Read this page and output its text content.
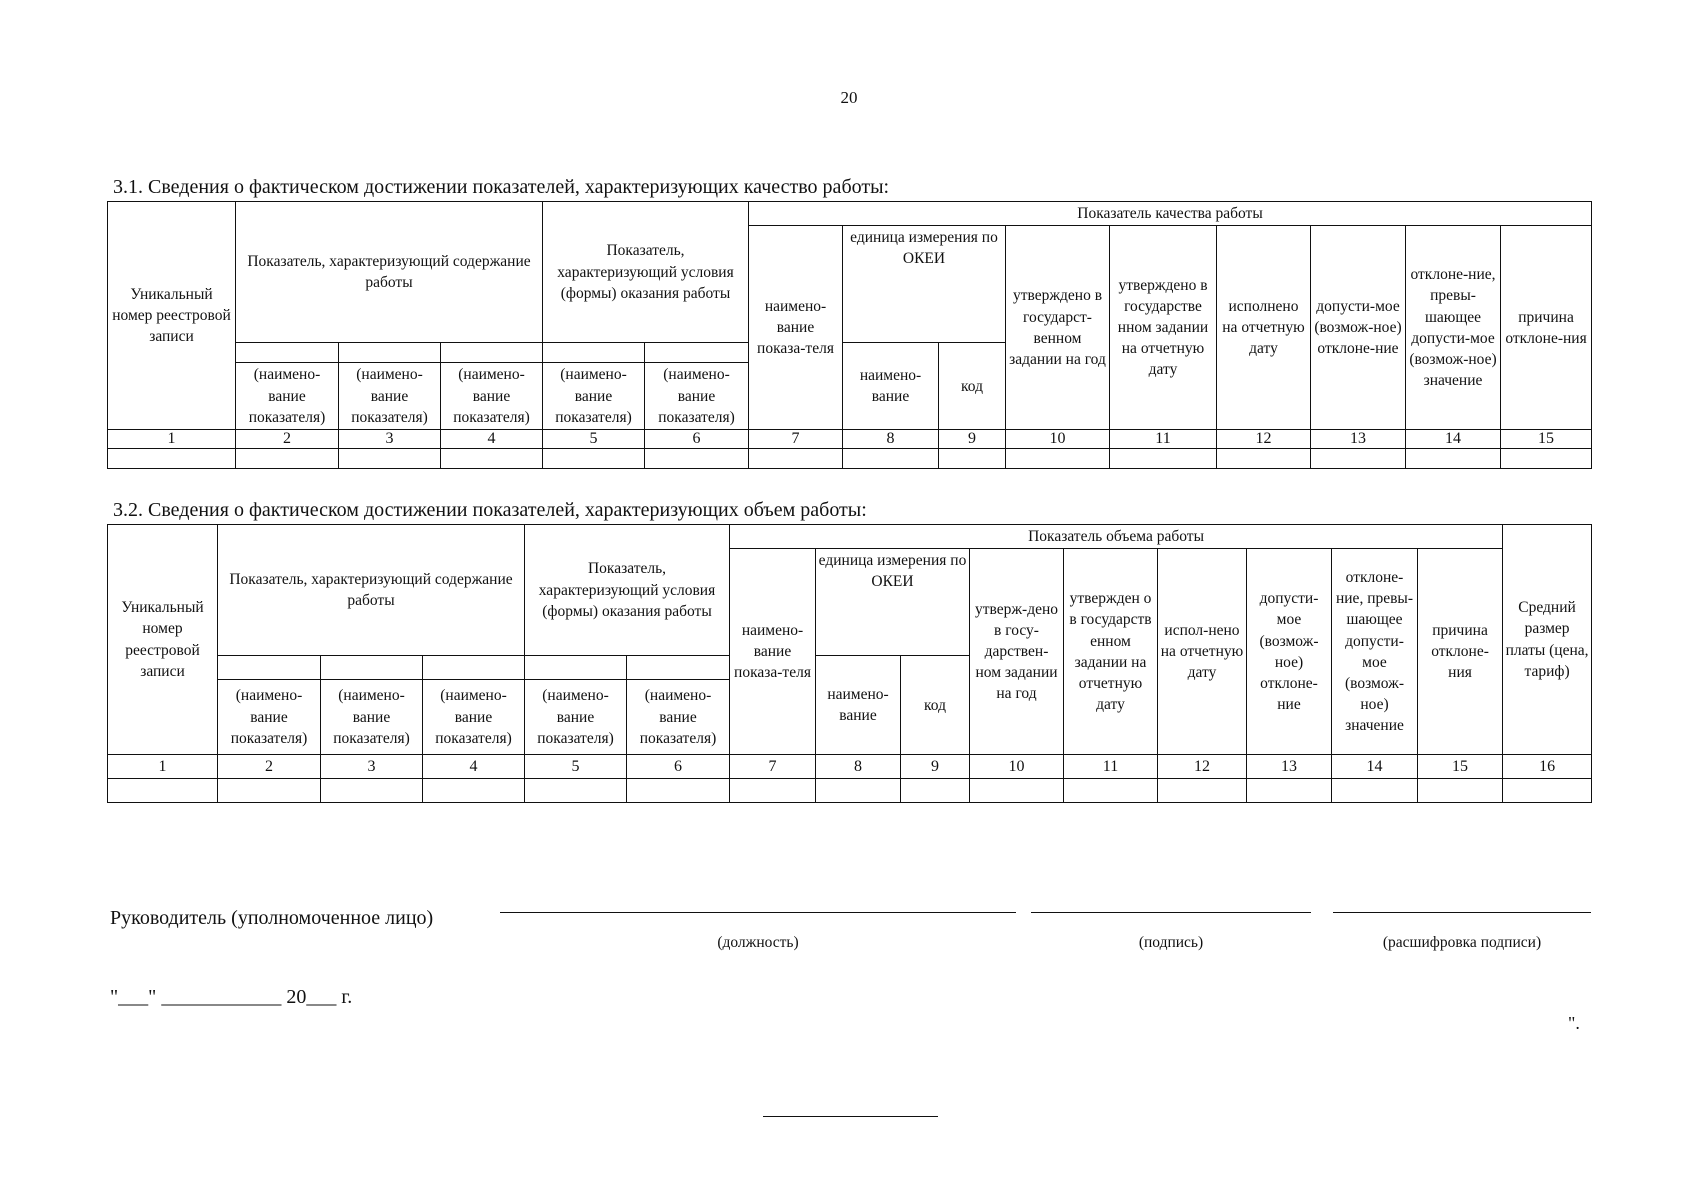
20
3.1. Сведения о фактическом достижении показателей, характеризующих качество работы:
Уникальный номер реестровой записи	Показатель, характеризующий содержание работы			Показатель, характеризующий условия (формы) оказания работы		Показатель качества работы								
						наимено-вание показа-теля	единица измерения по ОКЕИ		утверждено в государст-венном задании на год	утверждено в государстве нном задании на отчетную дату	исполнено на отчетную дату	допусти-мое (возмож-ное) отклоне-ние	отклоне-ние, превы-шающее допусти-мое (возмож-ное) значение	причина отклоне-ния
							наимено-вание	код						
	(наимено-вание показателя)	(наимено-вание показателя)	(наимено-вание показателя)	(наимено-вание показателя)	(наимено-вание показателя)									
1	2	3	4	5	6	7	8	9	10	11	12	13	14	15

3.2. Сведения о фактическом достижении показателей, характеризующих объем работы:
Уникальный номер реестровой записи	Показатель, характеризующий содержание работы			Показатель, характеризующий условия (формы) оказания работы		Показатель объема работы									Средний размер платы (цена, тариф)
						наимено-вание показа-теля	единица измерения по ОКЕИ		утверж-дено в госу-дарствен-ном задании на год	утвержден о в государств енном задании на отчетную дату	испол-нено на отчетную дату	допусти-мое (возмож-ное) отклоне-ние	отклоне-ние, превы-шающее допусти-мое (возмож-ное) значение	причина отклоне-ния	
							наимено-вание	код							
	(наимено-вание показателя)	(наимено-вание показателя)	(наимено-вание показателя)	(наимено-вание показателя)	(наимено-вание показателя)										
1	2	3	4	5	6	7	8	9	10	11	12	13	14	15	16

Руководитель (уполномоченное лицо)
(должность)	(подпись)	(расшифровка подписи)
"___" ____________ 20___ г.
".
